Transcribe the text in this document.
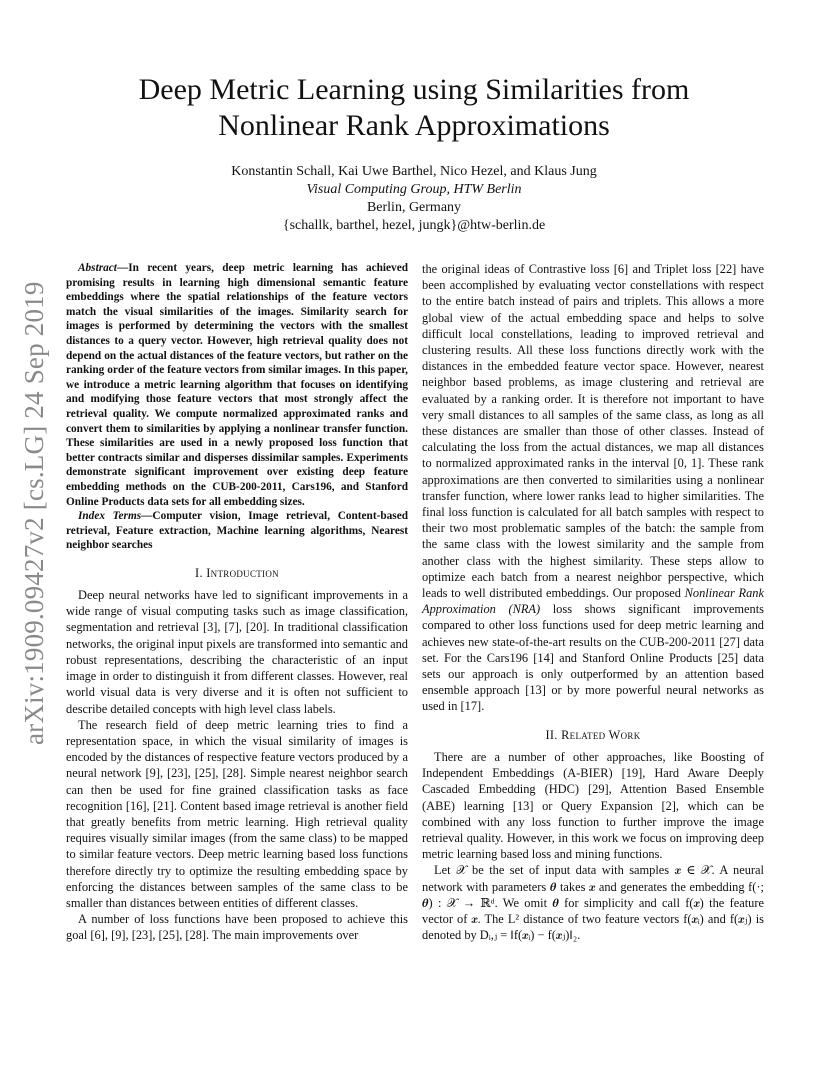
arXiv:1909.09427v2 [cs.LG] 24 Sep 2019
Deep Metric Learning using Similarities from
Nonlinear Rank Approximations
Konstantin Schall, Kai Uwe Barthel, Nico Hezel, and Klaus Jung
Visual Computing Group, HTW Berlin
Berlin, Germany
{schallk, barthel, hezel, jungk}@htw-berlin.de

Abstract—In recent years, deep metric learning has achieved promising results in learning high dimensional semantic feature embeddings where the spatial relationships of the feature vectors match the visual similarities of the images. Similarity search for images is performed by determining the vectors with the smallest distances to a query vector. However, high retrieval quality does not depend on the actual distances of the feature vectors, but rather on the ranking order of the feature vectors from similar images. In this paper, we introduce a metric learning algorithm that focuses on identifying and modifying those feature vectors that most strongly affect the retrieval quality. We compute normalized approximated ranks and convert them to similarities by applying a nonlinear transfer function. These similarities are used in a newly proposed loss function that better contracts similar and disperses dissimilar samples. Experiments demonstrate significant improvement over existing deep feature embedding methods on the CUB-200-2011, Cars196, and Stanford Online Products data sets for all embedding sizes.

Index Terms—Computer vision, Image retrieval, Content-based retrieval, Feature extraction, Machine learning algorithms, Nearest neighbor searches

I. Introduction

Deep neural networks have led to significant improvements in a wide range of visual computing tasks such as image classification, segmentation and retrieval [3], [7], [20]. In traditional classification networks, the original input pixels are transformed into semantic and robust representations, describing the characteristic of an input image in order to distinguish it from different classes. However, real world visual data is very diverse and it is often not sufficient to describe detailed concepts with high level class labels.

The research field of deep metric learning tries to find a representation space, in which the visual similarity of images is encoded by the distances of respective feature vectors produced by a neural network [9], [23], [25], [28]. Simple nearest neighbor search can then be used for fine grained classification tasks as face recognition [16], [21]. Content based image retrieval is another field that greatly benefits from metric learning. High retrieval quality requires visually similar images (from the same class) to be mapped to similar feature vectors. Deep metric learning based loss functions therefore directly try to optimize the resulting embedding space by enforcing the distances between samples of the same class to be smaller than distances between entities of different classes.

A number of loss functions have been proposed to achieve this goal [6], [9], [23], [25], [28]. The main improvements over

the original ideas of Contrastive loss [6] and Triplet loss [22] have been accomplished by evaluating vector constellations with respect to the entire batch instead of pairs and triplets. This allows a more global view of the actual embedding space and helps to solve difficult local constellations, leading to improved retrieval and clustering results. All these loss functions directly work with the distances in the embedded feature vector space. However, nearest neighbor based problems, as image clustering and retrieval are evaluated by a ranking order. It is therefore not important to have very small distances to all samples of the same class, as long as all these distances are smaller than those of other classes. Instead of calculating the loss from the actual distances, we map all distances to normalized approximated ranks in the interval [0, 1]. These rank approximations are then converted to similarities using a nonlinear transfer function, where lower ranks lead to higher similarities. The final loss function is calculated for all batch samples with respect to their two most problematic samples of the batch: the sample from the same class with the lowest similarity and the sample from another class with the highest similarity. These steps allow to optimize each batch from a nearest neighbor perspective, which leads to well distributed embeddings. Our proposed Nonlinear Rank Approximation (NRA) loss shows significant improvements compared to other loss functions used for deep metric learning and achieves new state-of-the-art results on the CUB-200-2011 [27] data set. For the Cars196 [14] and Stanford Online Products [25] data sets our approach is only outperformed by an attention based ensemble approach [13] or by more powerful neural networks as used in [17].

II. Related Work

There are a number of other approaches, like Boosting of Independent Embeddings (A-BIER) [19], Hard Aware Deeply Cascaded Embedding (HDC) [29], Attention Based Ensemble (ABE) learning [13] or Query Expansion [2], which can be combined with any loss function to further improve the image retrieval quality. However, in this work we focus on improving deep metric learning based loss and mining functions.

Let 𝒳 be the set of input data with samples 𝒙 ∈ 𝒳. A neural network with parameters 𝜽 takes 𝒙 and generates the embedding f(·; 𝜽) : 𝒳 → ℝᵈ. We omit 𝜽 for simplicity and call f(𝒙) the feature vector of 𝒙. The L² distance of two feature vectors f(𝒙ᵢ) and f(𝒙ⱼ) is denoted by Dᵢ,ⱼ = ‖f(𝒙ᵢ) − f(𝒙ⱼ)‖₂.
